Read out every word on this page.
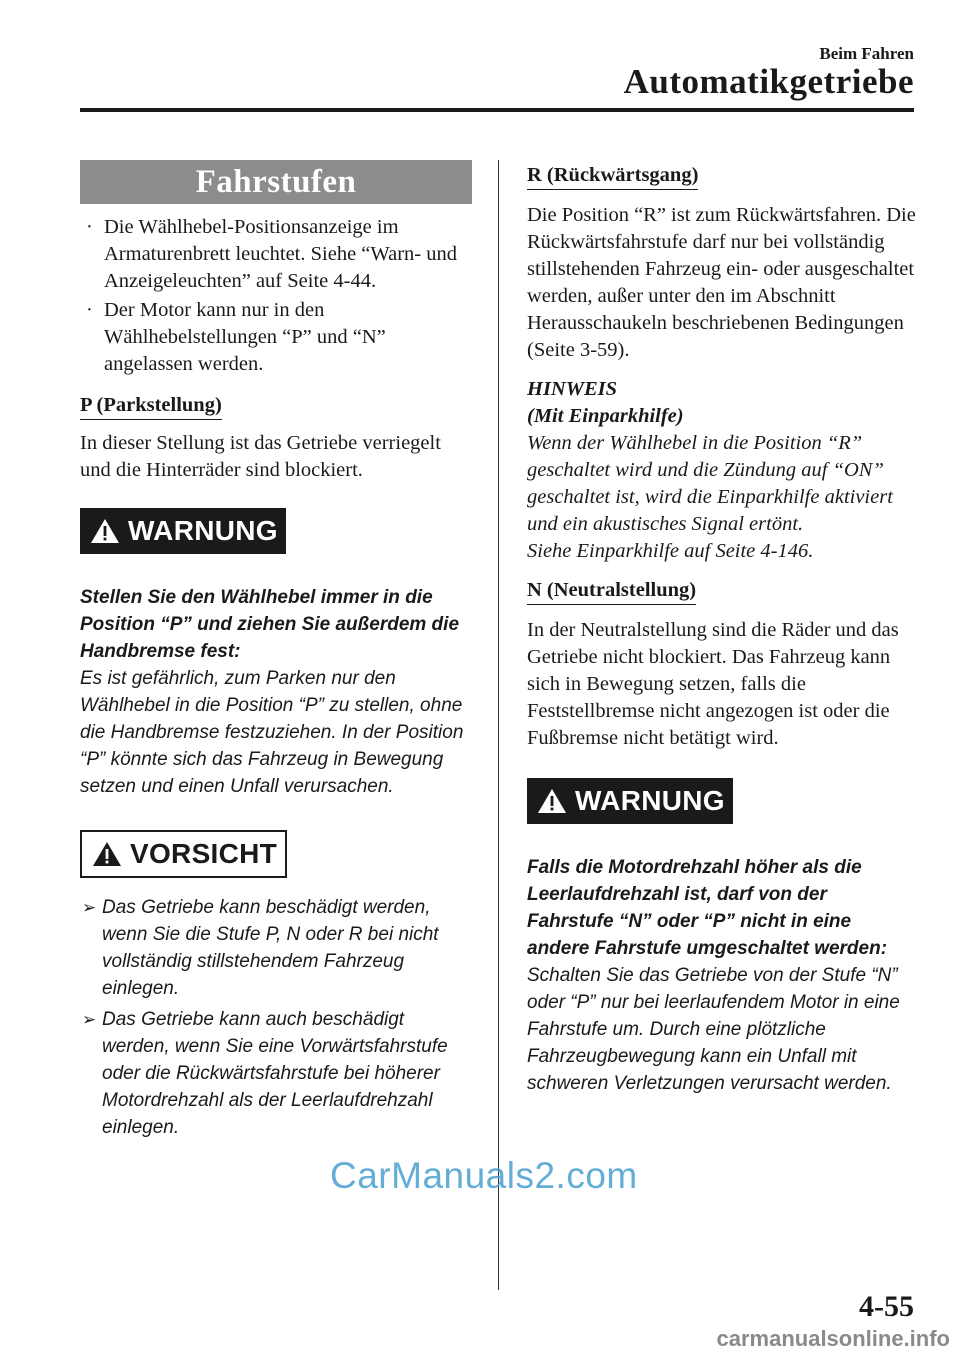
Beim Fahren
Automatikgetriebe
Fahrstufen
· Die Wählhebel-Positionsanzeige im Armaturenbrett leuchtet. Siehe “Warn- und Anzeigeleuchten” auf Seite 4-44.
· Der Motor kann nur in den Wählhebelstellungen “P” und “N” angelassen werden.
P (Parkstellung)

In dieser Stellung ist das Getriebe verriegelt und die Hinterräder sind blockiert.

WARNUNG

Stellen Sie den Wählhebel immer in die Position “P” und ziehen Sie außerdem die Handbremse fest:

Es ist gefährlich, zum Parken nur den Wählhebel in die Position “P” zu stellen, ohne die Handbremse festzuziehen. In der Position “P” könnte sich das Fahrzeug in Bewegung setzen und einen Unfall verursachen.

VORSICHT
➢ Das Getriebe kann beschädigt werden, wenn Sie die Stufe P, N oder R bei nicht vollständig stillstehendem Fahrzeug einlegen.
➢ Das Getriebe kann auch beschädigt werden, wenn Sie eine Vorwärtsfahrstufe oder die Rückwärtsfahrstufe bei höherer Motordrehzahl als der Leerlaufdrehzahl einlegen.
R (Rückwärtsgang)

Die Position “R” ist zum Rückwärtsfahren. Die Rückwärtsfahrstufe darf nur bei vollständig stillstehenden Fahrzeug ein- oder ausgeschaltet werden, außer unter den im Abschnitt Herausschaukeln beschriebenen Bedingungen (Seite 3-59).

HINWEIS

(Mit Einparkhilfe)

Wenn der Wählhebel in die Position “R” geschaltet wird und die Zündung auf “ON” geschaltet ist, wird die Einparkhilfe aktiviert und ein akustisches Signal ertönt.

Siehe Einparkhilfe auf Seite 4-146.

N (Neutralstellung)

In der Neutralstellung sind die Räder und das Getriebe nicht blockiert. Das Fahrzeug kann sich in Bewegung setzen, falls die Feststellbremse nicht angezogen ist oder die Fußbremse nicht betätigt wird.

WARNUNG

Falls die Motordrehzahl höher als die Leerlaufdrehzahl ist, darf von der Fahrstufe “N” oder “P” nicht in eine andere Fahrstufe umgeschaltet werden:

Schalten Sie das Getriebe von der Stufe “N” oder “P” nur bei leerlaufendem Motor in eine Fahrstufe um. Durch eine plötzliche Fahrzeugbewegung kann ein Unfall mit schweren Verletzungen verursacht werden.

CarManuals2.com
4-55
carmanualsonline.info
